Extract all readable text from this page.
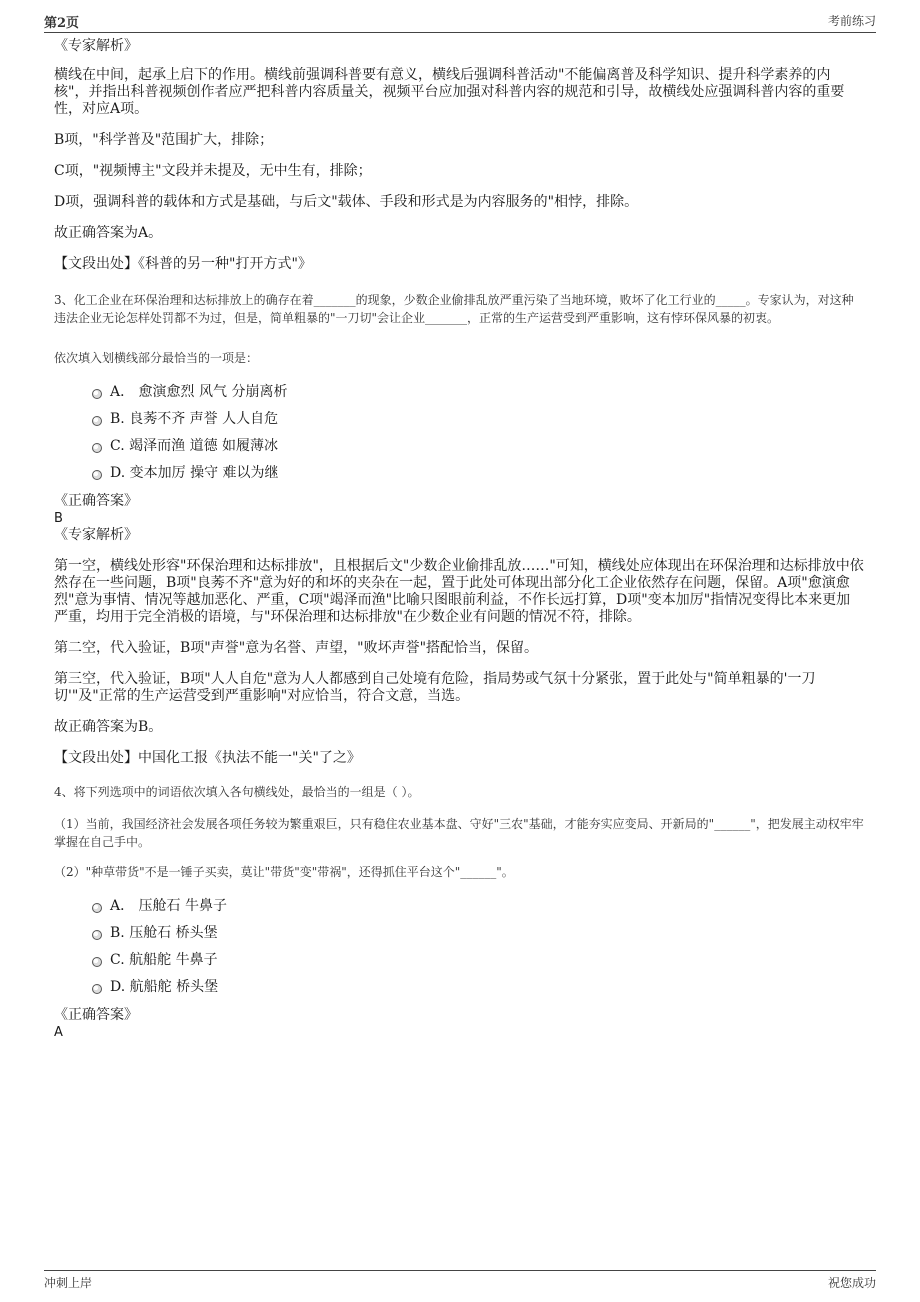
第2页	考前练习

《专家解析》

横线在中间，起承上启下的作用。横线前强调科普要有意义，横线后强调科普活动"不能偏离普及科学知识、提升科学素养的内核"，并指出科普视频创作者应严把科普内容质量关，视频平台应加强对科普内容的规范和引导，故横线处应强调科普内容的重要性，对应A项。

B项，"科学普及"范围扩大，排除；

C项，"视频博主"文段并未提及，无中生有，排除；

D项，强调科普的载体和方式是基础，与后文"载体、手段和形式是为内容服务的"相悖，排除。

故正确答案为A。

【文段出处】《科普的另一种"打开方式"》

3、化工企业在环保治理和达标排放上的确存在着_______的现象，少数企业偷排乱放严重污染了当地环境，败坏了化工行业的_____。专家认为，对这种违法企业无论怎样处罚都不为过，但是，简单粗暴的"一刀切"会让企业_______，正常的生产运营受到严重影响，这有悖环保风暴的初衷。

依次填入划横线部分最恰当的一项是：

A． 愈演愈烈 风气 分崩离析
B. 良莠不齐 声誉 人人自危
C. 竭泽而渔 道德 如履薄冰
D. 变本加厉 操守 难以为继

《正确答案》

B

《专家解析》

第一空，横线处形容"环保治理和达标排放"，且根据后文"少数企业偷排乱放……"可知，横线处应体现出在环保治理和达标排放中依然存在一些问题，B项"良莠不齐"意为好的和坏的夹杂在一起，置于此处可体现出部分化工企业依然存在问题，保留。A项"愈演愈烈"意为事情、情况等越加恶化、严重，C项"竭泽而渔"比喻只图眼前利益，不作长远打算，D项"变本加厉"指情况变得比本来更加严重，均用于完全消极的语境，与"环保治理和达标排放"在少数企业有问题的情况不符，排除。

第二空，代入验证，B项"声誉"意为名誉、声望，"败坏声誉"搭配恰当，保留。

第三空，代入验证，B项"人人自危"意为人人都感到自己处境有危险，指局势或气氛十分紧张，置于此处与"简单粗暴的'一刀切'"及"正常的生产运营受到严重影响"对应恰当，符合文意，当选。

故正确答案为B。

【文段出处】中国化工报《执法不能一"关"了之》

4、将下列选项中的词语依次填入各句横线处，最恰当的一组是（ ）。

（1）当前，我国经济社会发展各项任务较为繁重艰巨，只有稳住农业基本盘、守好"三农"基础，才能夯实应变局、开新局的"______"，把发展主动权牢牢掌握在自己手中。

（2）"种草带货"不是一锤子买卖，莫让"带货"变"带祸"，还得抓住平台这个"______"。

A． 压舱石 牛鼻子
B. 压舱石 桥头堡
C. 航船舵 牛鼻子
D. 航船舵 桥头堡

《正确答案》

A

冲刺上岸	祝您成功
